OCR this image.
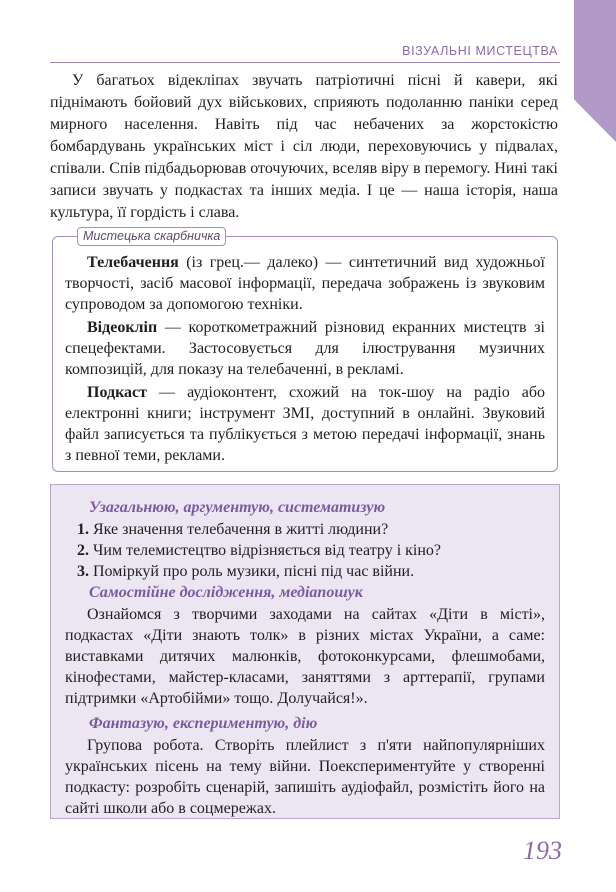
ВІЗУАЛЬНІ МИСТЕЦТВА

У багатьох відекліпах звучать патріотичні пісні й кавери, які піднімають бойовий дух військових, сприяють подоланню паніки серед мирного населення. Навіть під час небачених за жорстокістю бомбардувань українських міст і сіл люди, переховуючись у підвалах, співали. Спів підбадьорював оточуючих, вселяв віру в перемогу. Нині такі записи звучать у подкастах та інших медіа. І це — наша історія, наша культура, її гордість і слава.

Мистецька скарбничка

Телебачення (із грец.— далеко) — синтетичний вид художньої творчості, засіб масової інформації, передача зображень із звуковим супроводом за допомогою техніки.

Відеокліп — короткометражний різновид екранних мистецтв зі спецефектами. Застосовується для ілюстрування музичних композицій, для показу на телебаченні, в рекламі.

Подкаст — аудіоконтент, схожий на ток-шоу на радіо або електронні книги; інструмент ЗМІ, доступний в онлайні. Звуковий файл записується та публікується з метою передачі інформації, знань з певної теми, реклами.

Узагальнюю, аргументую, систематизую
1. Яке значення телебачення в житті людини?
2. Чим телемистецтво відрізняється від театру і кіно?
3. Поміркуй про роль музики, пісні під час війни.
Самостійне дослідження, медіапошук

Ознайомся з творчими заходами на сайтах «Діти в місті», подкастах «Діти знають толк» в різних містах України, а саме: виставками дитячих малюнків, фотоконкурсами, флешмобами, кінофестами, майстер-класами, заняттями з арттерапії, групами підтримки «Артобійми» тощо. Долучайся!».

Фантазую, експериментую, дію

Групова робота. Створіть плейлист з п'яти найпопулярніших українських пісень на тему війни. Поекспериментуйте у створенні подкасту: розробіть сценарій, запишіть аудіофайл, розмістіть його на сайті школи або в соцмережах.

193
